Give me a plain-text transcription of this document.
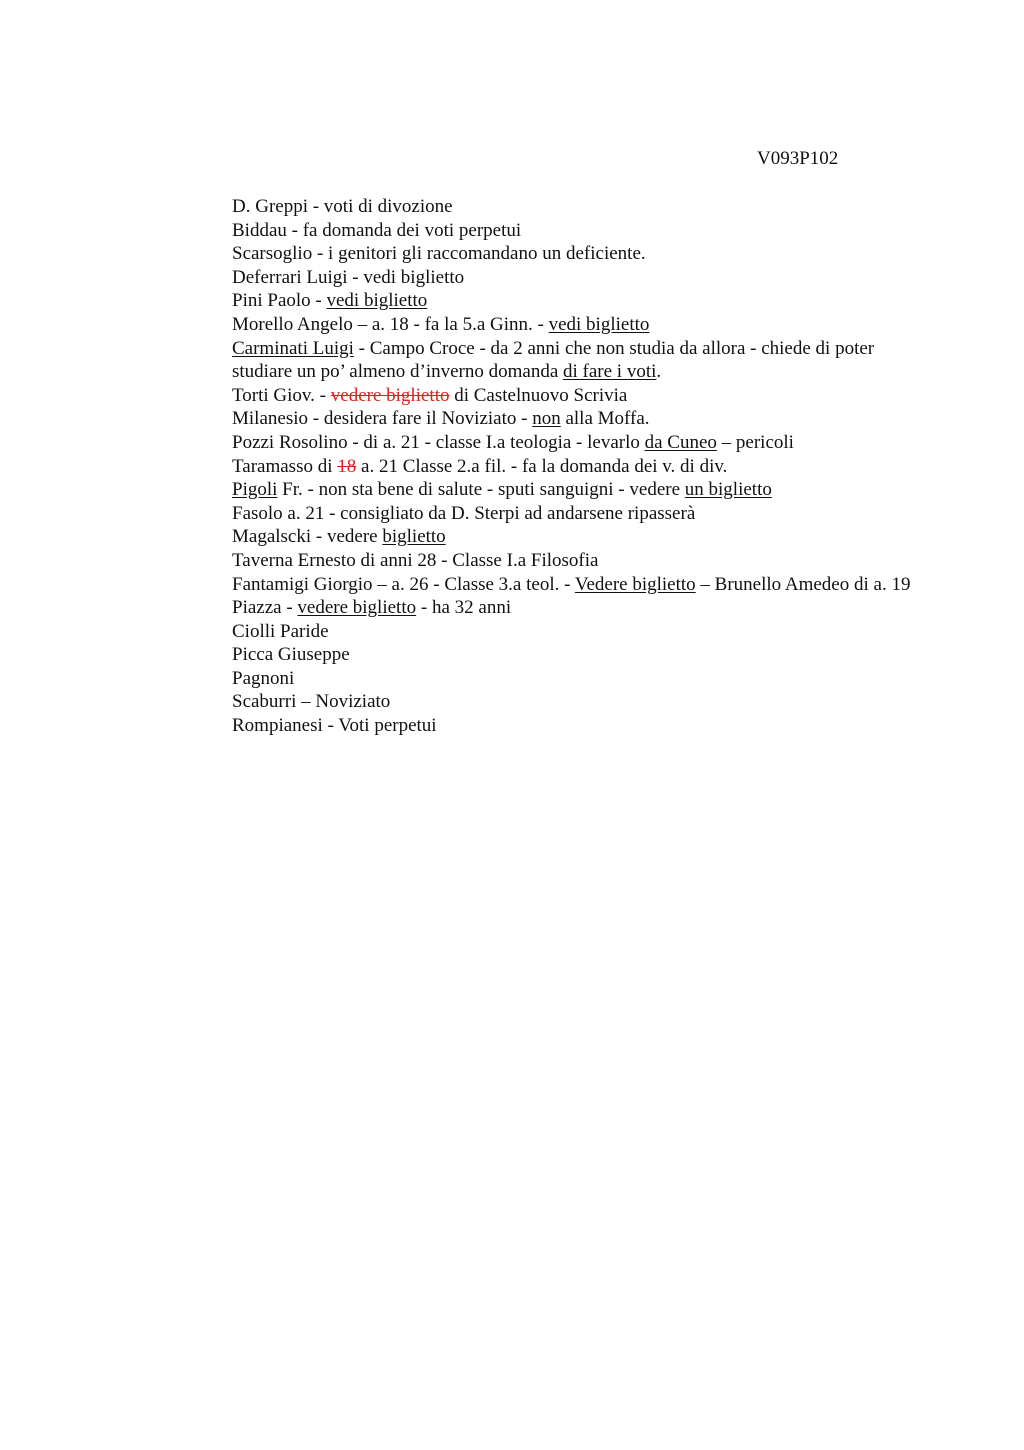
V093P102

D. Greppi - voti di divozione

Biddau - fa domanda dei voti perpetui

Scarsoglio - i genitori gli raccomandano un deficiente.

Deferrari Luigi - vedi biglietto

Pini Paolo - vedi biglietto

Morello Angelo – a. 18 - fa la 5.a Ginn. - vedi biglietto

Carminati Luigi - Campo Croce - da 2 anni che non studia da allora - chiede di poter studiare un po’ almeno d’inverno domanda di fare i voti.

Torti Giov. - vedere biglietto di Castelnuovo Scrivia

Milanesio - desidera fare il Noviziato - non alla Moffa.

Pozzi Rosolino - di a. 21 - classe I.a teologia - levarlo da Cuneo – pericoli

Taramasso di 18 a. 21 Classe 2.a fil. - fa la domanda dei v. di div.

Pigoli Fr. - non sta bene di salute - sputi sanguigni - vedere un biglietto

Fasolo a. 21 - consigliato da D. Sterpi ad andarsene ripasserà

Magalscki - vedere biglietto

Taverna Ernesto di anni 28 - Classe I.a Filosofia

Fantamigi Giorgio – a. 26 - Classe 3.a teol. - Vedere biglietto – Brunello Amedeo di a. 19

Piazza - vedere biglietto - ha 32 anni

Ciolli Paride

Picca Giuseppe

Pagnoni

Scaburri – Noviziato

Rompianesi - Voti perpetui
